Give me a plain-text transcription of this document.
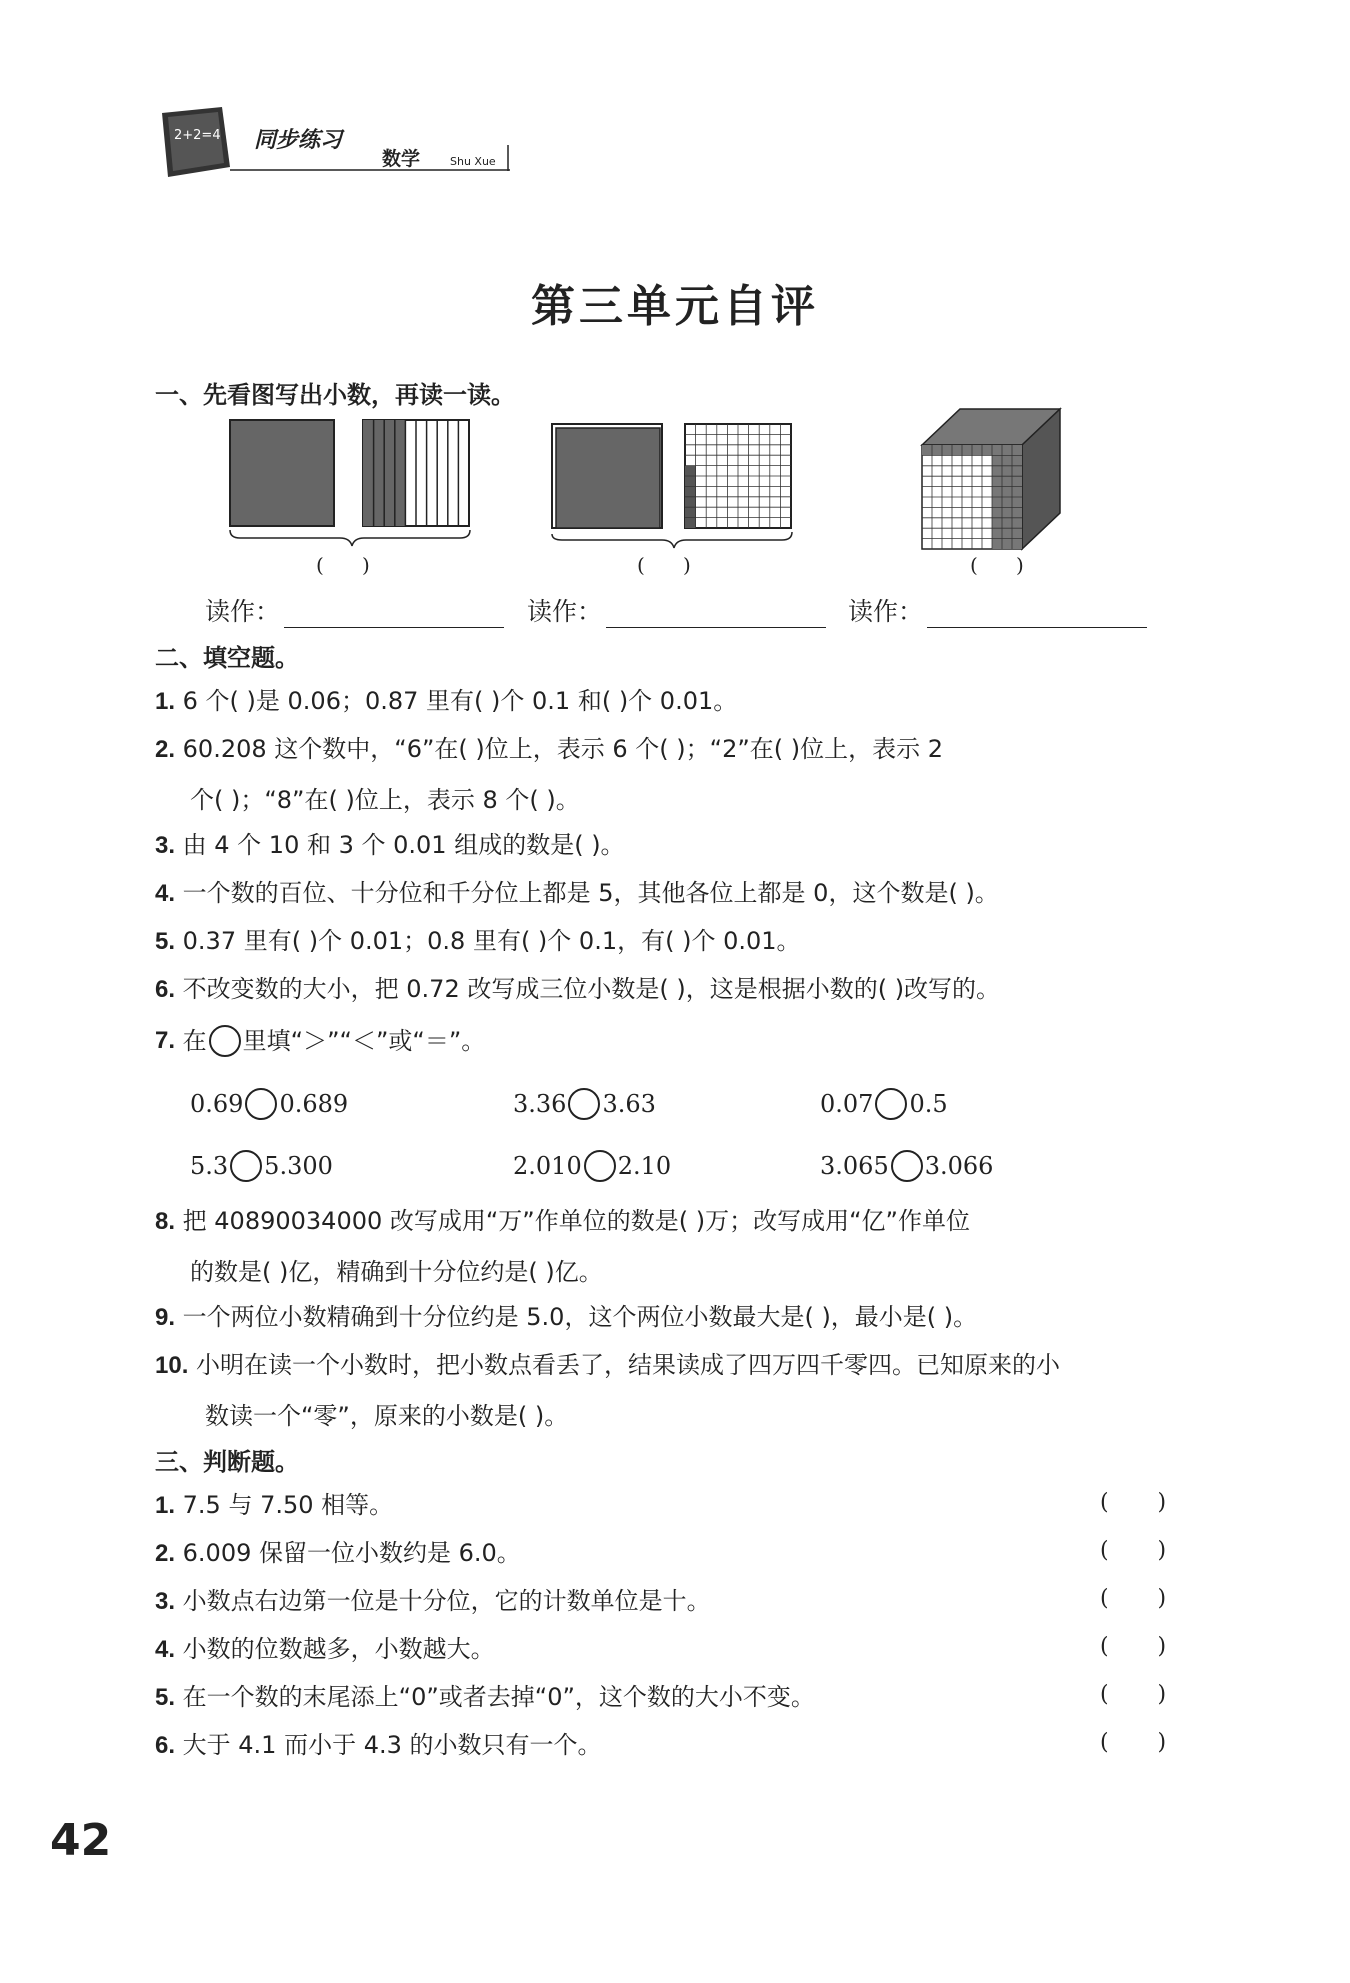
2+2=4 同步练习
数学	Shu Xue
第三单元自评
一、先看图写出小数，再读一读。
(      )
读作：
(      )
读作：
(      )
读作：
二、填空题。
1. 6 个( )是 0.06；0.87 里有( )个 0.1 和( )个 0.01。
2. 60.208 这个数中，“6”在( )位上，表示 6 个( )；“2”在( )位上，表示 2
个( )；“8”在( )位上，表示 8 个( )。
3. 由 4 个 10 和 3 个 0.01 组成的数是( )。
4. 一个数的百位、十分位和千分位上都是 5，其他各位上都是 0，这个数是( )。
5. 0.37 里有( )个 0.01；0.8 里有( )个 0.1，有( )个 0.01。
6. 不改变数的大小，把 0.72 改写成三位小数是( )，这是根据小数的( )改写的。
7.
在 里填“＞”“＜”或“＝”。
0.69 0.689	3.36 3.63	0.07 0.5
5.3 5.300	2.010 2.10	3.065 3.066
8. 把 40890034000 改写成用“万”作单位的数是( )万；改写成用“亿”作单位
的数是( )亿，精确到十分位约是( )亿。
9. 一个两位小数精确到十分位约是 5.0，这个两位小数最大是( )，最小是( )。
10. 小明在读一个小数时，把小数点看丢了，结果读成了四万四千零四。已知原来的小
数读一个“零”，原来的小数是( )。
三、判断题。
1. 7.5 与 7.50 相等。	(       )
2. 6.009 保留一位小数约是 6.0。	(       )
3. 小数点右边第一位是十分位，它的计数单位是十。	(       )
4. 小数的位数越多，小数越大。	(       )
5. 在一个数的末尾添上“0”或者去掉“0”，这个数的大小不变。	(       )
6. 大于 4.1 而小于 4.3 的小数只有一个。	(       )
42
